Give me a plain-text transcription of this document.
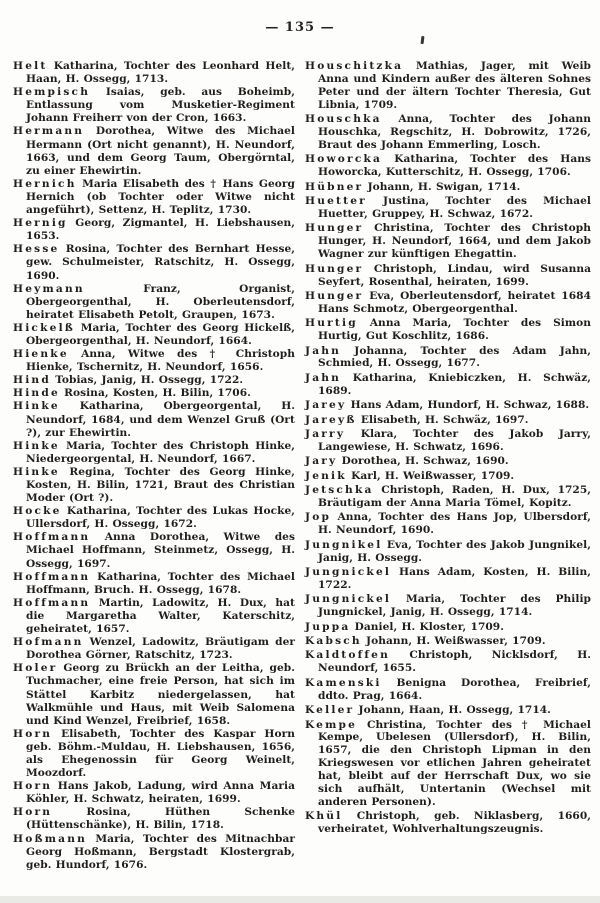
— 135 —

Helt Katharina, Tochter des Leonhard Helt, Haan, H. Ossegg, 1713.

Hempisch Isaias, geb. aus Boheimb, Entlassung vom Musketier-Regiment Johann Freiherr von der Cron, 1663.

Hermann Dorothea, Witwe des Michael Hermann (Ort nicht genannt), H. Neundorf, 1663, und dem Georg Taum, Obergörntal, zu einer Ehewirtin.

Hernich Maria Elisabeth des † Hans Georg Hernich (ob Tochter oder Witwe nicht angeführt), Settenz, H. Teplitz, 1730.

Hernig Georg, Zigmantel, H. Liebshausen, 1653.

Hesse Rosina, Tochter des Bernhart Hesse, gew. Schulmeister, Ratschitz, H. Ossegg, 1690.

Heymann Franz, Organist, Obergeorgenthal, H. Oberleutensdorf, heiratet Elisabeth Petolt, Graupen, 1673.

Hickelß Maria, Tochter des Georg Hickelß, Obergeorgenthal, H. Neundorf, 1664.

Hienke Anna, Witwe des † Christoph Hienke, Tschernitz, H. Neundorf, 1656.

Hind Tobias, Janig, H. Ossegg, 1722.

Hinde Rosina, Kosten, H. Bilin, 1706.

Hinke Katharina, Obergeorgental, H. Neundorf, 1684, und dem Wenzel Gruß (Ort ?), zur Ehewirtin.

Hinke Maria, Tochter des Christoph Hinke, Niedergeorgental, H. Neundorf, 1667.

Hinke Regina, Tochter des Georg Hinke, Kosten, H. Bilin, 1721, Braut des Christian Moder (Ort ?).

Hocke Katharina, Tochter des Lukas Hocke, Ullersdorf, H. Ossegg, 1672.

Hoffmann Anna Dorothea, Witwe des Michael Hoffmann, Steinmetz, Ossegg, H. Ossegg, 1697.

Hoffmann Katharina, Tochter des Michael Hoffmann, Bruch. H. Ossegg, 1678.

Hoffmann Martin, Ladowitz, H. Dux, hat die Margaretha Walter, Katerschitz, geheiratet, 1657.

Hofmann Wenzel, Ladowitz, Bräutigam der Dorothea Görner, Ratschitz, 1723.

Holer Georg zu Brückh an der Leitha, geb. Tuchmacher, eine freie Person, hat sich im Stättel Karbitz niedergelassen, hat Walkmühle und Haus, mit Weib Salomena und Kind Wenzel, Freibrief, 1658.

Horn Elisabeth, Tochter des Kaspar Horn geb. Böhm.-Muldau, H. Liebshausen, 1656, als Ehegenossin für Georg Weinelt, Moozdorf.

Horn Hans Jakob, Ladung, wird Anna Maria Köhler, H. Schwatz, heiraten, 1699.

Horn Rosina, Hüthen Schenke (Hüttenschänke), H. Bilin, 1718.

Hoßmann Maria, Tochter des Mitnachbar Georg Hoßmann, Bergstadt Klostergrab, geb. Hundorf, 1676.

Houschitzka Mathias, Jager, mit Weib Anna und Kindern außer des älteren Sohnes Peter und der ältern Tochter Theresia, Gut Libnia, 1709.

Houschka Anna, Tochter des Johann Houschka, Regschitz, H. Dobrowitz, 1726, Braut des Johann Emmerling, Losch.

Howorcka Katharina, Tochter des Hans Howorcka, Kutterschitz, H. Ossegg, 1706.

Hübner Johann, H. Swigan, 1714.

Huetter Justina, Tochter des Michael Huetter, Gruppey, H. Schwaz, 1672.

Hunger Christina, Tochter des Christoph Hunger, H. Neundorf, 1664, und dem Jakob Wagner zur künftigen Ehegattin.

Hunger Christoph, Lindau, wird Susanna Seyfert, Rosenthal, heiraten, 1699.

Hunger Eva, Oberleutensdorf, heiratet 1684 Hans Schmotz, Obergeorgenthal.

Hurtig Anna Maria, Tochter des Simon Hurtig, Gut Koschlitz, 1686.

Jahn Johanna, Tochter des Adam Jahn, Schmied, H. Ossegg, 1677.

Jahn Katharina, Kniebiczken, H. Schwäz, 1689.

Jarey Hans Adam, Hundorf, H. Schwaz, 1688.

Jareyß Elisabeth, H. Schwäz, 1697.

Jarry Klara, Tochter des Jakob Jarry, Langewiese, H. Schwatz, 1696.

Jary Dorothea, H. Schwaz, 1690.

Jenik Karl, H. Weißwasser, 1709.

Jetschka Christoph, Raden, H. Dux, 1725, Bräutigam der Anna Maria Tömel, Kopitz.

Jop Anna, Tochter des Hans Jop, Ulbersdorf, H. Neundorf, 1690.

Jungnikel Eva, Tochter des Jakob Jungnikel, Janig, H. Ossegg.

Jungnickel Hans Adam, Kosten, H. Bilin, 1722.

Jungnickel Maria, Tochter des Philip Jungnickel, Janig, H. Ossegg, 1714.

Juppa Daniel, H. Kloster, 1709.

Kabsch Johann, H. Weißwasser, 1709.

Kaldtoffen Christoph, Nicklsdorf, H. Neundorf, 1655.

Kamenski Benigna Dorothea, Freibrief, ddto. Prag, 1664.

Keller Johann, Haan, H. Ossegg, 1714.

Kempe Christina, Tochter des † Michael Kempe, Ubelesen (Ullersdorf), H. Bilin, 1657, die den Christoph Lipman in den Kriegswesen vor etlichen Jahren geheiratet hat, bleibt auf der Herrschaft Dux, wo sie sich aufhält, Untertanin (Wechsel mit anderen Personen).

Khül Christoph, geb. Niklasberg, 1660, verheiratet, Wohlverhaltungszeugnis.
